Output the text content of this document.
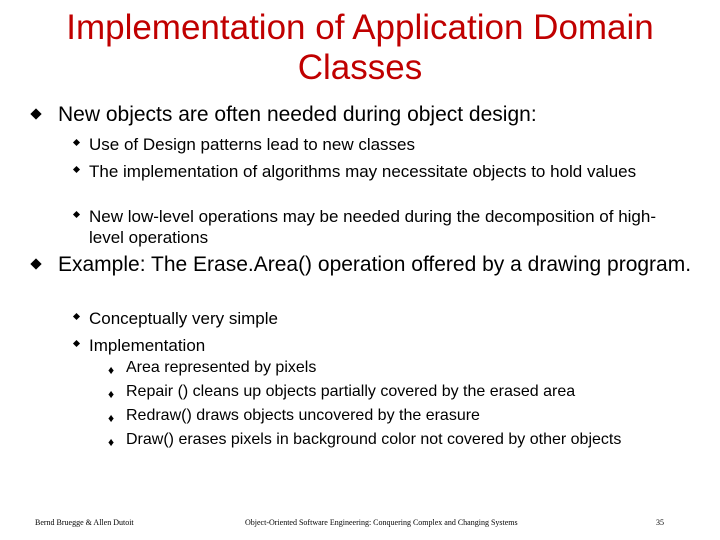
Implementation of Application Domain
Classes
New objects are often needed during object design:
Use of Design patterns lead to new classes
The implementation of algorithms may necessitate objects to hold values
New low-level operations may be needed during the decomposition of high-level operations
Example: The Erase.Area() operation offered by a drawing program.
Conceptually very simple
Implementation
♦ Area represented by pixels
♦ Repair () cleans up objects partially covered by the erased area
♦ Redraw() draws objects uncovered by the erasure
♦ Draw() erases pixels in background color not covered by other objects
Bernd Bruegge & Allen Dutoit	Object-Oriented Software Engineering: Conquering Complex and Changing Systems	35
